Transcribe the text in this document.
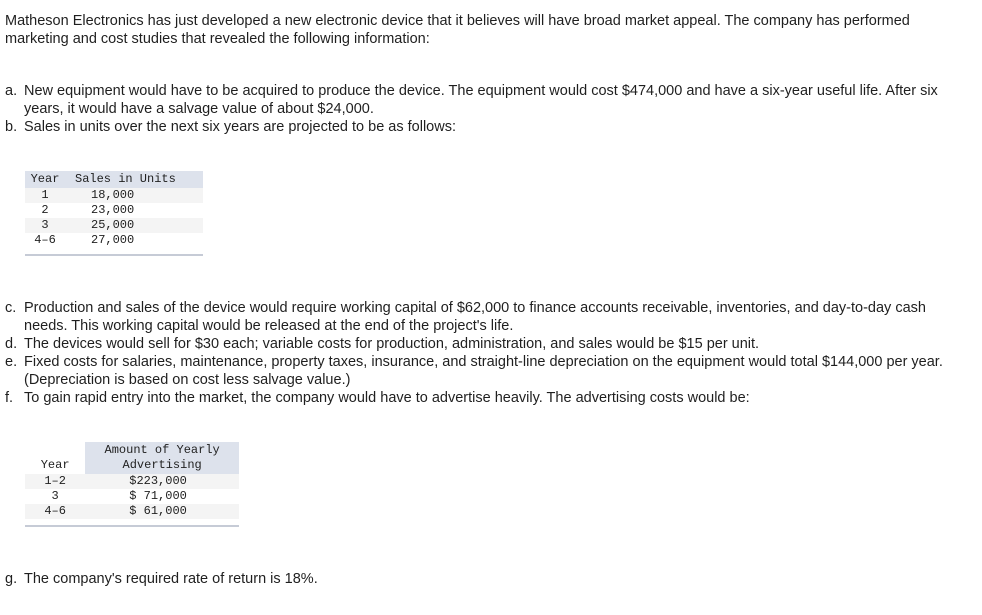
Matheson Electronics has just developed a new electronic device that it believes will have broad market appeal. The company has performed marketing and cost studies that revealed the following information:
a. New equipment would have to be acquired to produce the device. The equipment would cost $474,000 and have a six-year useful life. After six years, it would have a salvage value of about $24,000.
b. Sales in units over the next six years are projected to be as follows:
Year	Sales in Units
1	18,000
2	23,000
3	25,000
4–6	27,000

c. Production and sales of the device would require working capital of $62,000 to finance accounts receivable, inventories, and day-to-day cash needs. This working capital would be released at the end of the project's life.
d. The devices would sell for $30 each; variable costs for production, administration, and sales would be $15 per unit.
e. Fixed costs for salaries, maintenance, property taxes, insurance, and straight-line depreciation on the equipment would total $144,000 per year. (Depreciation is based on cost less salvage value.)
f. To gain rapid entry into the market, the company would have to advertise heavily. The advertising costs would be:
Year	Amount of Yearly Advertising
1–2	$223,000
3	$ 71,000
4–6	$ 61,000

g. The company's required rate of return is 18%.
